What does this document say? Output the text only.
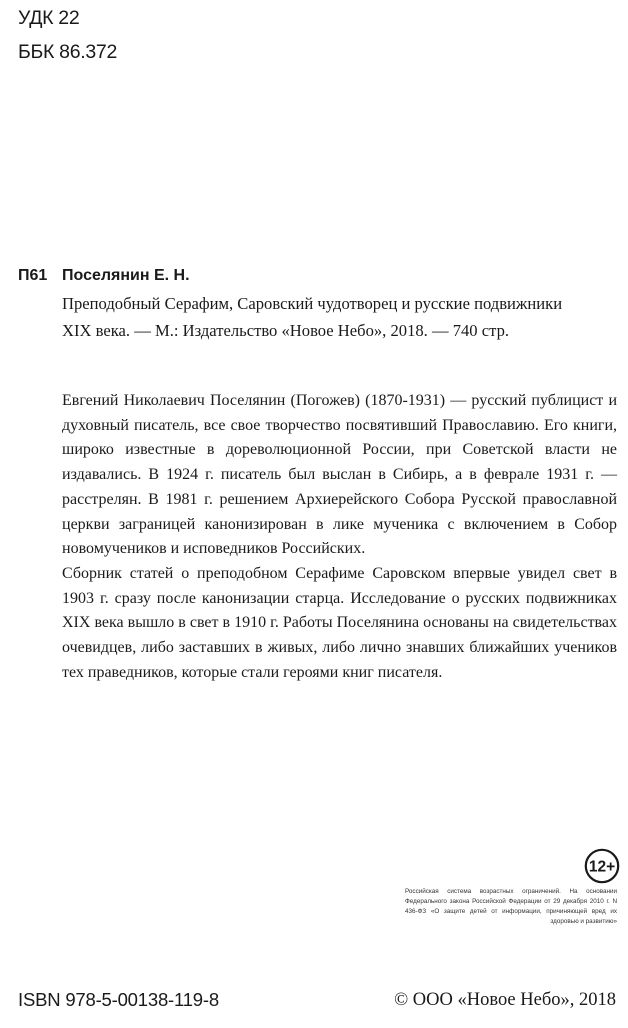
УДК 22
ББК 86.372
П61 Поселянин Е. Н.
Преподобный Серафим, Саровский чудотворец и русские подвижники
XIX века. — М.: Издательство «Новое Небо», 2018. — 740 стр.

Евгений Николаевич Поселянин (Погожев) (1870-1931) — русский публицист и духовный писатель, все свое творчество посвятивший Православию. Его книги, широко известные в дореволюционной России, при Советской власти не издавались. В 1924 г. писатель был выслан в Сибирь, а в феврале 1931 г. — расстрелян. В 1981 г. решением Архиерейского Собора Русской православной церкви заграницей канонизирован в лике мученика с включением в Собор новомучеников и исповедников Российских.

Сборник статей о преподобном Серафиме Саровском впервые увидел свет в 1903 г. сразу после канонизации старца. Исследование о русских подвижниках XIX века вышло в свет в 1910 г. Работы Поселянина основаны на свидетельствах очевидцев, либо заставших в живых, либо лично знавших ближайших учеников тех праведников, которые стали героями книг писателя.

12+
Российская система возрастных ограничений. На основании Федерального закона Российской Федерации от 29 декабря 2010 г. N 436-ФЗ «О защите детей от информации, причиняющей вред их здоровью и развитию»
ISBN 978-5-00138-119-8	© ООО «Новое Небо», 2018
